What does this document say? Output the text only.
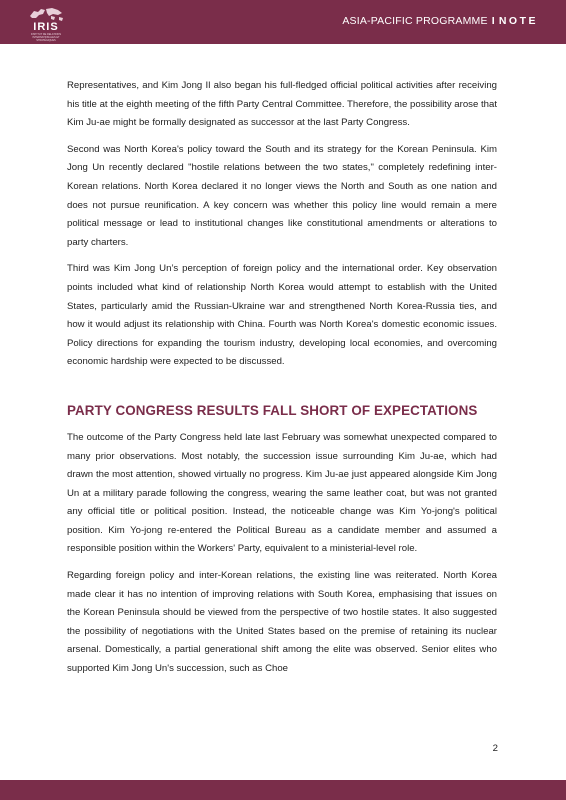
IRIS
INSTITUT DE RELATIONS INTERNATIONALES ET STRATÉGIQUES
ASIA-PACIFIC PROGRAMME I NOTE

Representatives, and Kim Jong Il also began his full-fledged official political activities after receiving his title at the eighth meeting of the fifth Party Central Committee. Therefore, the possibility arose that Kim Ju-ae might be formally designated as successor at the last Party Congress.

Second was North Korea's policy toward the South and its strategy for the Korean Peninsula. Kim Jong Un recently declared "hostile relations between the two states," completely redefining inter-Korean relations. North Korea declared it no longer views the North and South as one nation and does not pursue reunification. A key concern was whether this policy line would remain a mere political message or lead to institutional changes like constitutional amendments or alterations to party charters.

Third was Kim Jong Un’s perception of foreign policy and the international order. Key observation points included what kind of relationship North Korea would attempt to establish with the United States, particularly amid the Russian-Ukraine war and strengthened North Korea-Russia ties, and how it would adjust its relationship with China. Fourth was North Korea's domestic economic issues. Policy directions for expanding the tourism industry, developing local economies, and overcoming economic hardship were expected to be discussed.

PARTY CONGRESS RESULTS FALL SHORT OF EXPECTATIONS

The outcome of the Party Congress held late last February was somewhat unexpected compared to many prior observations. Most notably, the succession issue surrounding Kim Ju-ae, which had drawn the most attention, showed virtually no progress. Kim Ju-ae just appeared alongside Kim Jong Un at a military parade following the congress, wearing the same leather coat, but was not granted any official title or political position. Instead, the noticeable change was Kim Yo-jong's political position. Kim Yo-jong re-entered the Political Bureau as a candidate member and assumed a responsible position within the Workers' Party, equivalent to a ministerial-level role.

Regarding foreign policy and inter-Korean relations, the existing line was reiterated. North Korea made clear it has no intention of improving relations with South Korea, emphasising that issues on the Korean Peninsula should be viewed from the perspective of two hostile states. It also suggested the possibility of negotiations with the United States based on the premise of retaining its nuclear arsenal. Domestically, a partial generational shift among the elite was observed. Senior elites who supported Kim Jong Un's succession, such as Choe

2
